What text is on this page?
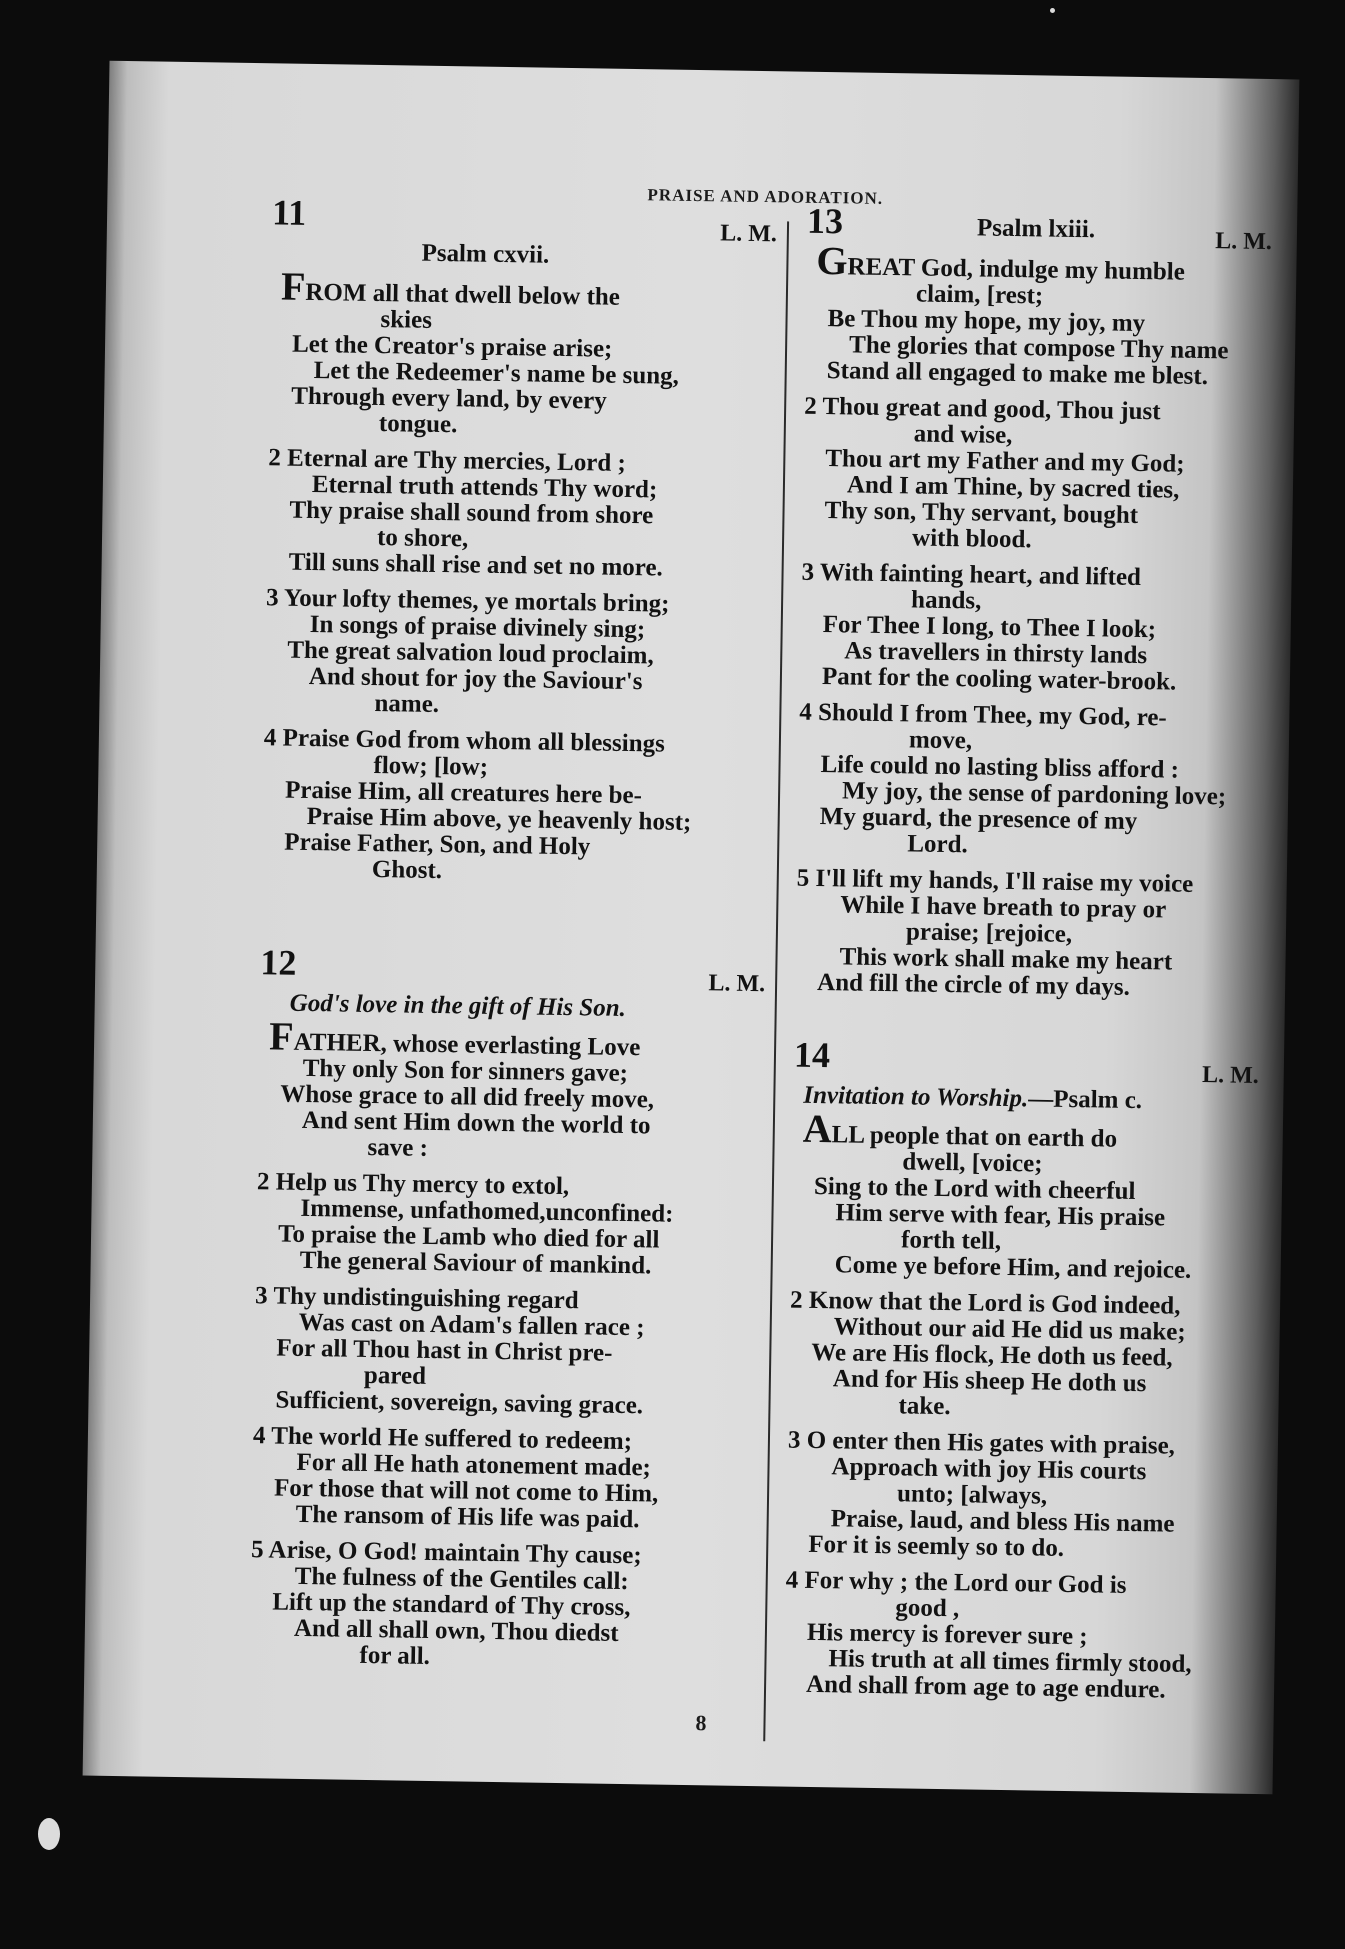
PRAISE AND ADORATION.
11
L. M.
Psalm cxvii.
FROM all that dwell below the
skies
Let the Creator's praise arise;
Let the Redeemer's name be sung,
Through every land, by every
tongue.
2 Eternal are Thy mercies, Lord ;
Eternal truth attends Thy word;
Thy praise shall sound from shore
to shore,
Till suns shall rise and set no more.
3 Your lofty themes, ye mortals bring;
In songs of praise divinely sing;
The great salvation loud proclaim,
And shout for joy the Saviour's
name.
4 Praise God from whom all blessings
flow; [low;
Praise Him, all creatures here be-
Praise Him above, ye heavenly host;
Praise Father, Son, and Holy
Ghost.
12
L. M.
God's love in the gift of His Son.
FATHER, whose everlasting Love
Thy only Son for sinners gave;
Whose grace to all did freely move,
And sent Him down the world to
save :
2 Help us Thy mercy to extol,
Immense, unfathomed,unconfined:
To praise the Lamb who died for all
The general Saviour of mankind.
3 Thy undistinguishing regard
Was cast on Adam's fallen race ;
For all Thou hast in Christ pre-
pared
Sufficient, sovereign, saving grace.
4 The world He suffered to redeem;
For all He hath atonement made;
For those that will not come to Him,
The ransom of His life was paid.
5 Arise, O God! maintain Thy cause;
The fulness of the Gentiles call:
Lift up the standard of Thy cross,
And all shall own, Thou diedst
for all.
13
L. M.
Psalm lxiii.
GREAT God, indulge my humble
claim, [rest;
Be Thou my hope, my joy, my
The glories that compose Thy name
Stand all engaged to make me blest.
2 Thou great and good, Thou just
and wise,
Thou art my Father and my God;
And I am Thine, by sacred ties,
Thy son, Thy servant, bought
with blood.
3 With fainting heart, and lifted
hands,
For Thee I long, to Thee I look;
As travellers in thirsty lands
Pant for the cooling water-brook.
4 Should I from Thee, my God, re-
move,
Life could no lasting bliss afford :
My joy, the sense of pardoning love;
My guard, the presence of my
Lord.
5 I'll lift my hands, I'll raise my voice
While I have breath to pray or
praise; [rejoice,
This work shall make my heart
And fill the circle of my days.
14
L. M.
Invitation to Worship.—Psalm c.
ALL people that on earth do
dwell, [voice;
Sing to the Lord with cheerful
Him serve with fear, His praise
forth tell,
Come ye before Him, and rejoice.
2 Know that the Lord is God indeed,
Without our aid He did us make;
We are His flock, He doth us feed,
And for His sheep He doth us
take.
3 O enter then His gates with praise,
Approach with joy His courts
unto; [always,
Praise, laud, and bless His name
For it is seemly so to do.
4 For why ; the Lord our God is
good ,
His mercy is forever sure ;
His truth at all times firmly stood,
And shall from age to age endure.
8
